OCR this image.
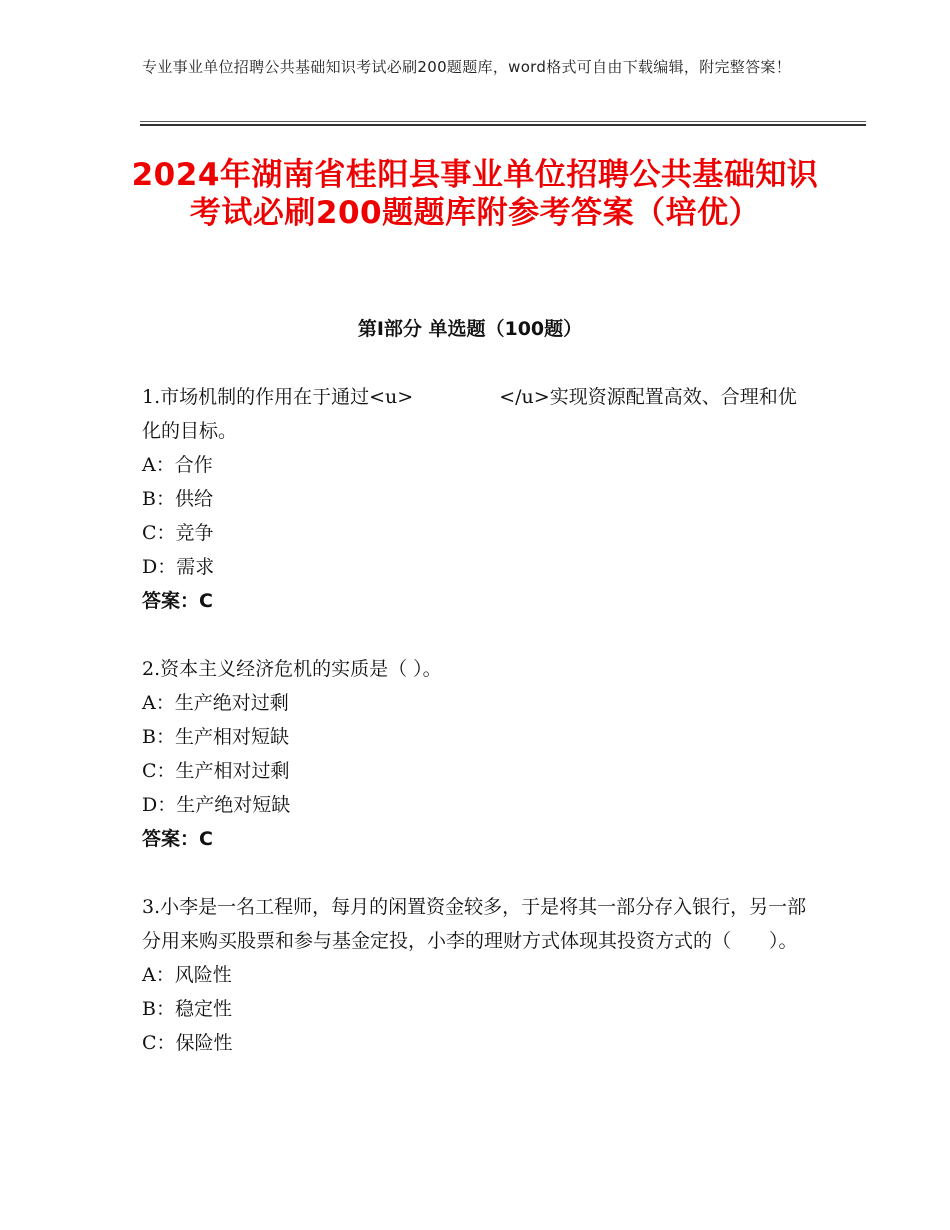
专业事业单位招聘公共基础知识考试必刷200题题库，word格式可自由下载编辑，附完整答案！
2024年湖南省桂阳县事业单位招聘公共基础知识考试必刷200题题库附参考答案（培优）
第Ⅰ部分 单选题（100题）

1.市场机制的作用在于通过<u>	</u>实现资源配置高效、合理和优化的目标。

A：合作

B：供给

C：竞争

D：需求

答案：C

2.资本主义经济危机的实质是（ ）。

A：生产绝对过剩

B：生产相对短缺

C：生产相对过剩

D：生产绝对短缺

答案：C

3.小李是一名工程师，每月的闲置资金较多，于是将其一部分存入银行，另一部分用来购买股票和参与基金定投，小李的理财方式体现其投资方式的（　　）。

A：风险性

B：稳定性

C：保险性
